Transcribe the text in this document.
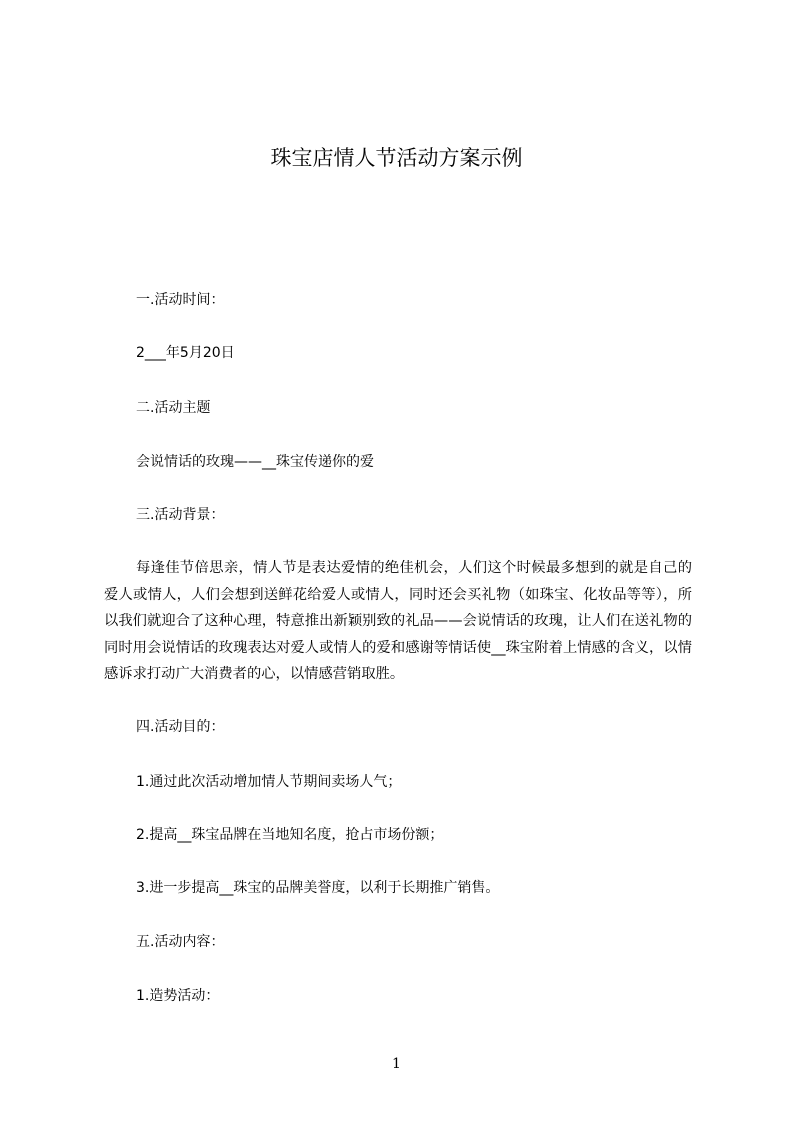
珠宝店情人节活动方案示例
一.活动时间：
2___年5月20日
二.活动主题
会说情话的玫瑰——__珠宝传递你的爱
三.活动背景：
每逢佳节倍思亲，情人节是表达爱情的绝佳机会，人们这个时候最多想到的就是自己的爱人或情人，人们会想到送鲜花给爱人或情人，同时还会买礼物（如珠宝、化妆品等等），所以我们就迎合了这种心理，特意推出新颖别致的礼品——会说情话的玫瑰，让人们在送礼物的同时用会说情话的玫瑰表达对爱人或情人的爱和感谢等情话使__珠宝附着上情感的含义，以情感诉求打动广大消费者的心，以情感营销取胜。
四.活动目的：
1.通过此次活动增加情人节期间卖场人气；
2.提高__珠宝品牌在当地知名度，抢占市场份额；
3.进一步提高__珠宝的品牌美誉度，以利于长期推广销售。
五.活动内容：
1.造势活动：
1
